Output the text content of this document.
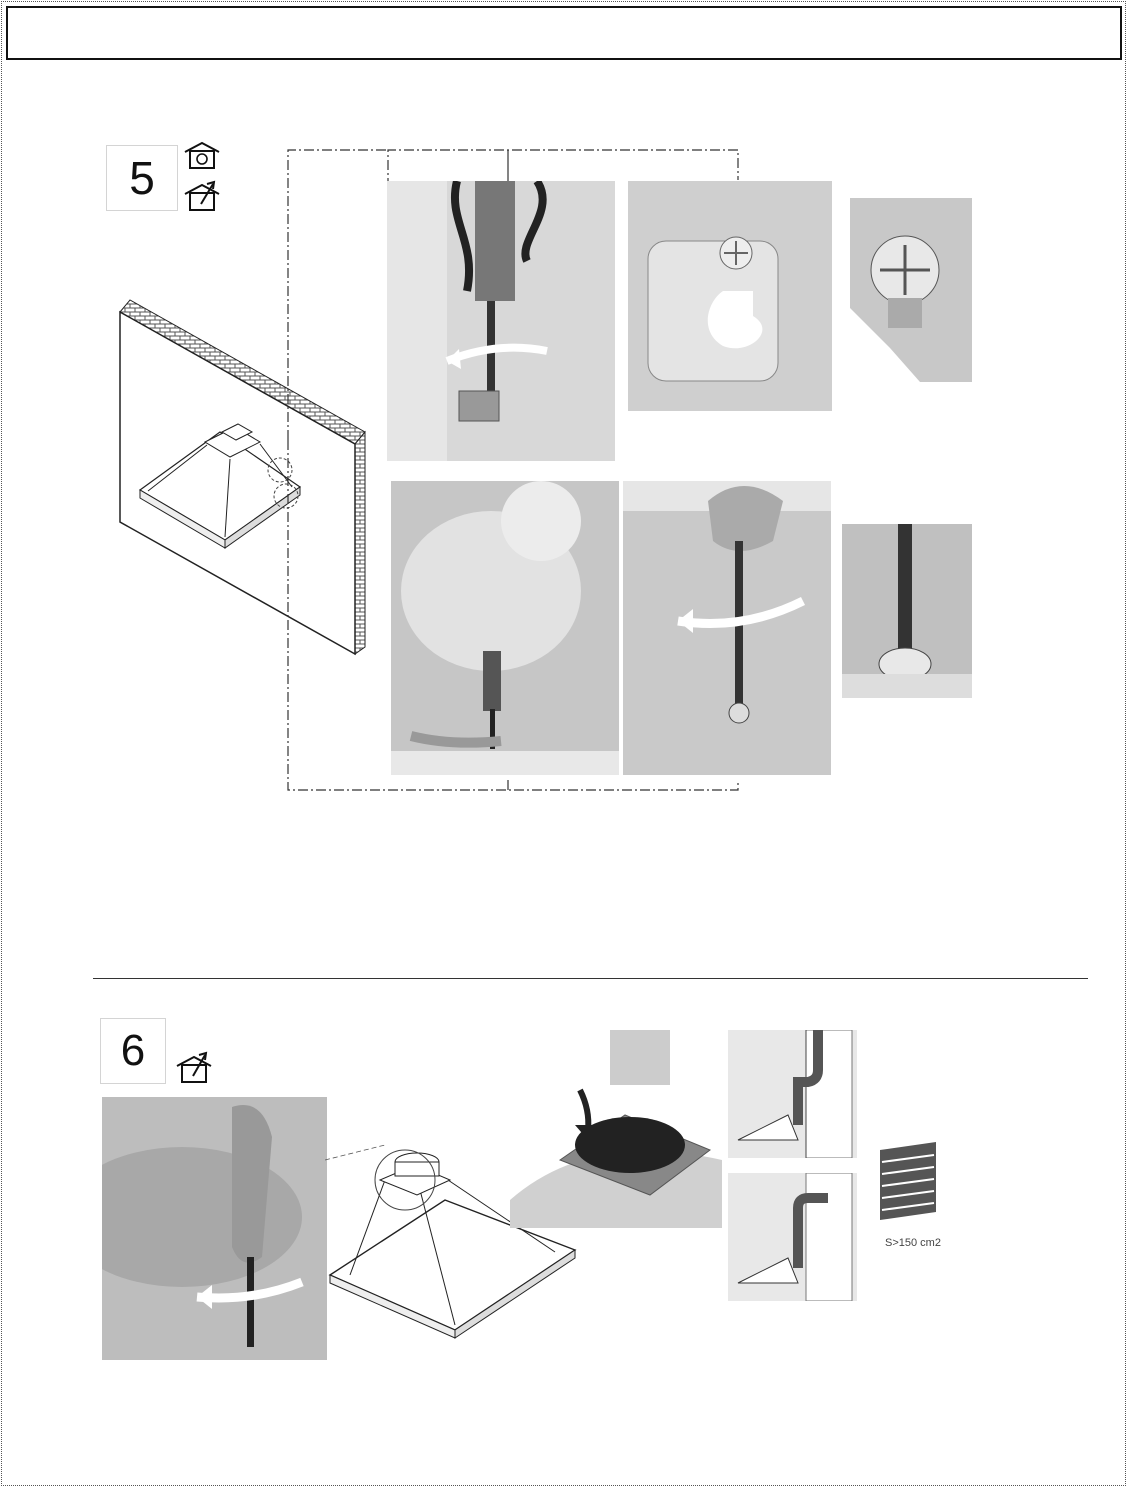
5
6
S>150 cm2
